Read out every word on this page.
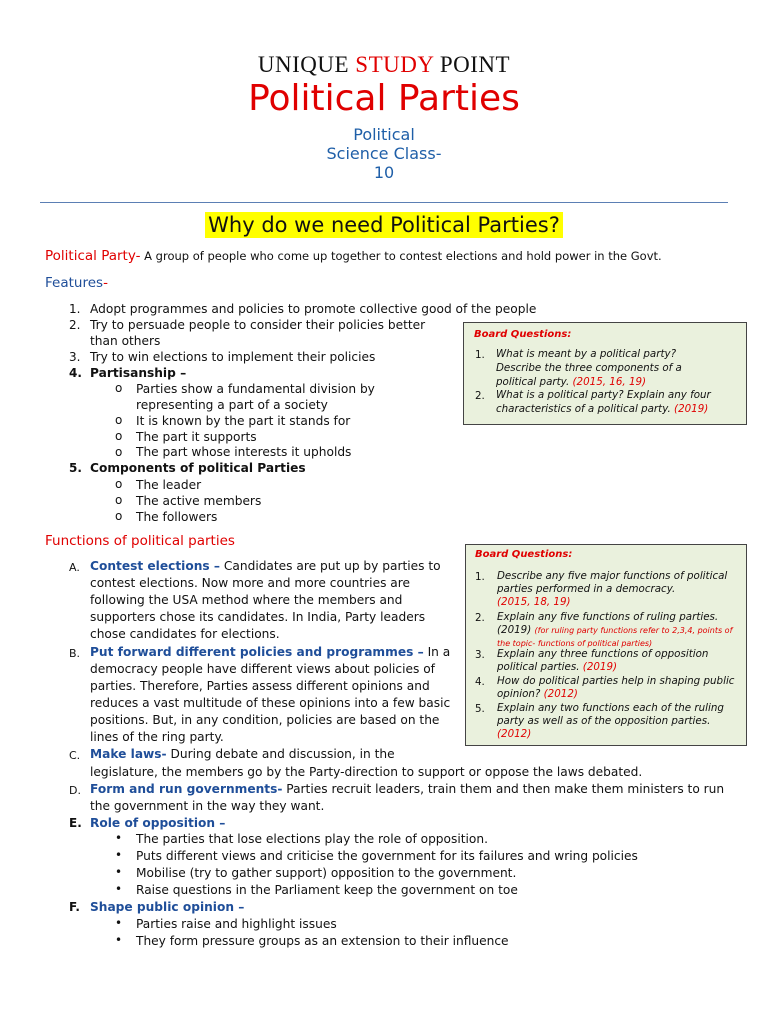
UNIQUE STUDY POINT
Political Parties
Political
Science Class-
10
Why do we need Political Parties?
Political Party- A group of people who come up together to contest elections and hold power in the Govt.
Features-
1. Adopt programmes and policies to promote collective good of the people
2. Try to persuade people to consider their policies better
than others
3. Try to win elections to implement their policies
4. Partisanship –
o Parties show a fundamental division by
representing a part of a society
o It is known by the part it stands for
o The part it supports
o The part whose interests it upholds
5. Components of political Parties
o The leader
o The active members
o The followers
Board Questions:
1. What is meant by a political party?
Describe the three components of a
political party. (2015, 16, 19)
2. What is a political party? Explain any four
characteristics of a political party. (2019)
Functions of political parties
A. Contest elections – Candidates are put up by parties to
contest elections. Now more and more countries are
following the USA method where the members and
supporters chose its candidates. In India, Party leaders
chose candidates for elections.
B. Put forward different policies and programmes – In a
democracy people have different views about policies of
parties. Therefore, Parties assess different opinions and
reduces a vast multitude of these opinions into a few basic
positions. But, in any condition, policies are based on the
lines of the ring party.
C. Make laws- During debate and discussion, in the
legislature, the members go by the Party-direction to support or oppose the laws debated.
D. Form and run governments- Parties recruit leaders, train them and then make them ministers to run
the government in the way they want.
E. Role of opposition –
• The parties that lose elections play the role of opposition.
• Puts different views and criticise the government for its failures and wring policies
• Mobilise (try to gather support) opposition to the government.
• Raise questions in the Parliament keep the government on toe
F. Shape public opinion –
• Parties raise and highlight issues
• They form pressure groups as an extension to their influence
Board Questions:
1. Describe any five major functions of political
parties performed in a democracy.
(2015, 18, 19)
2. Explain any five functions of ruling parties.
(2019) (for ruling party functions refer to 2,3,4, points of
the topic- functions of political parties)
3. Explain any three functions of opposition
political parties. (2019)
4. How do political parties help in shaping public
opinion? (2012)
5. Explain any two functions each of the ruling
party as well as of the opposition parties.
(2012)
